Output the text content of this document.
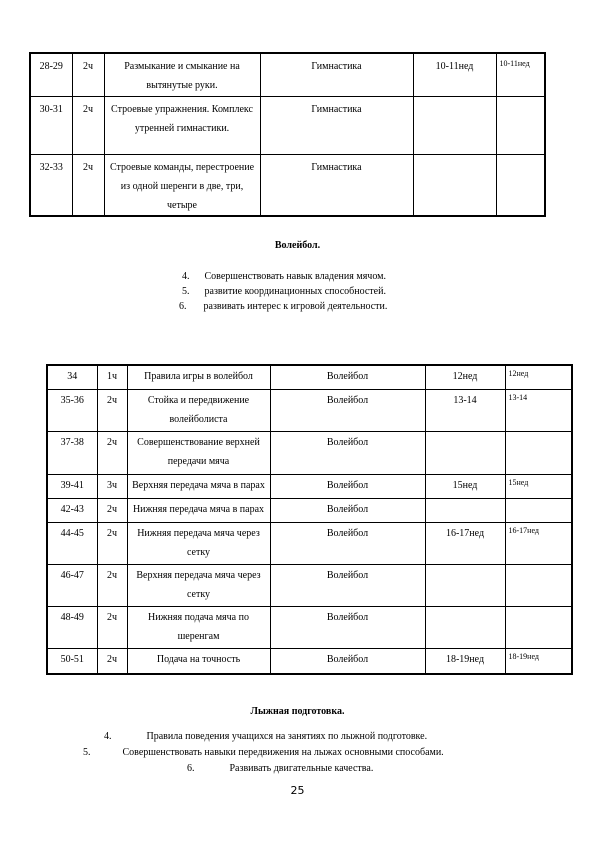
28-29	2ч	Размыкание и смыкание на вытянутые руки.	Гимнастика	10-11нед	10-11нед
30-31	2ч	Строевые упражнения. Комплекс утренней гимнастики.	Гимнастика		
32-33	2ч	Строевые команды, перестроение из одной шеренги в две, три, четыре	Гимнастика		
Волейбол.
4. Совершенствовать навык владения мячом.
5. развитие координационных способностей.
6. развивать интерес к игровой деятельности.
34	1ч	Правила игры в волейбол	Волейбол	12нед	12нед
35-36	2ч	Стойка и передвижение волейболиста	Волейбол	13-14	13-14
37-38	2ч	Совершенствование верхней передачи мяча	Волейбол		
39-41	3ч	Верхняя передача мяча в парах	Волейбол	15нед	15нед
42-43	2ч	Нижняя передача мяча в парах	Волейбол		
44-45	2ч	Нижняя передача мяча через сетку	Волейбол	16-17нед	16-17нед
46-47	2ч	Верхняя передача мяча через сетку	Волейбол		
48-49	2ч	Нижняя подача мяча по шеренгам	Волейбол		
50-51	2ч	Подача на точность	Волейбол	18-19нед	18-19нед
Лыжная подготовка.
4.	Правила поведения учащихся на занятиях по лыжной подготовке.
5.	Совершенствовать навыки передвижения на лыжах основными способами.
6.	Развивать двигательные качества.
25
